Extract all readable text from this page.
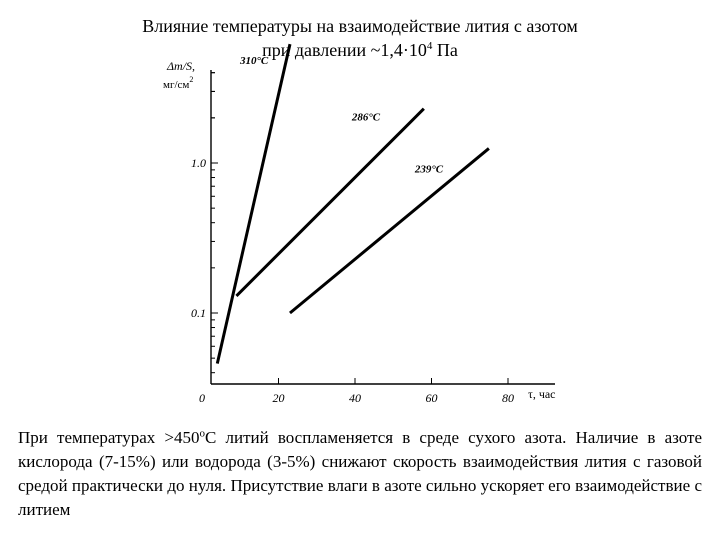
Влияние температуры на взаимодействие лития с азотом
при давлении $\sim 1,4\cdot 10^4$ Па
0	20	40	60	80
1.0
0.1
310°C
286°C
239°C
Δm/S,
$мг/см^2$
τ, час
При температурах $>450^оС$ литий воспламеняется в среде сухого азота. Наличие в азоте кислорода (7-15%) или водорода (3-5%) снижают скорость взаимодействия лития с газовой средой практически до нуля. Присутствие влаги в азоте сильно ускоряет его взаимодействие с литием
